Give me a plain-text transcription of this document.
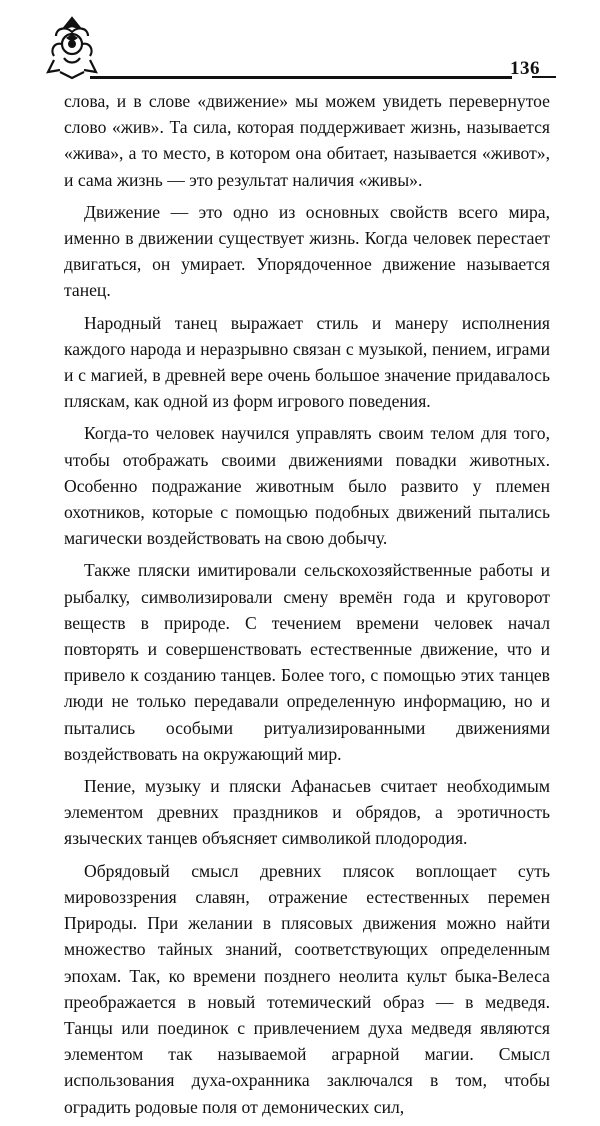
136

слова, и в слове «движение» мы можем увидеть перевернутое слово «жив». Та сила, которая поддерживает жизнь, называется «жива», а то место, в котором она обитает, называется «живот», и сама жизнь — это результат наличия «живы».

Движение — это одно из основных свойств всего мира, именно в движении существует жизнь. Когда человек перестает двигаться, он умирает. Упорядоченное движение называется танец.

Народный танец выражает стиль и манеру исполнения каждого народа и неразрывно связан с музыкой, пением, играми и с магией, в древней вере очень большое значение придавалось пляскам, как одной из форм игрового поведения.

Когда-то человек научился управлять своим телом для того, чтобы отображать своими движениями повадки животных. Особенно подражание животным было развито у племен охотников, которые с помощью подобных движений пытались магически воздействовать на свою добычу.

Также пляски имитировали сельскохозяйственные работы и рыбалку, символизировали смену времён года и круговорот веществ в природе. С течением времени человек начал повторять и совершенствовать естественные движение, что и привело к созданию танцев. Более того, с помощью этих танцев люди не только передавали определенную информацию, но и пытались особыми ритуализированными движениями воздействовать на окружающий мир.

Пение, музыку и пляски Афанасьев считает необходимым элементом древних праздников и обрядов, а эротичность языческих танцев объясняет символикой плодородия.

Обрядовый смысл древних плясок воплощает суть мировоззрения славян, отражение естественных перемен Природы. При желании в плясовых движения можно найти множество тайных знаний, соответствующих определенным эпохам. Так, ко времени позднего неолита культ быка-Велеса преображается в новый тотемический образ — в медведя. Танцы или поединок с привлечением духа медведя являются элементом так называемой аграрной магии. Смысл использования духа-охранника заключался в том, чтобы оградить родовые поля от демонических сил,
